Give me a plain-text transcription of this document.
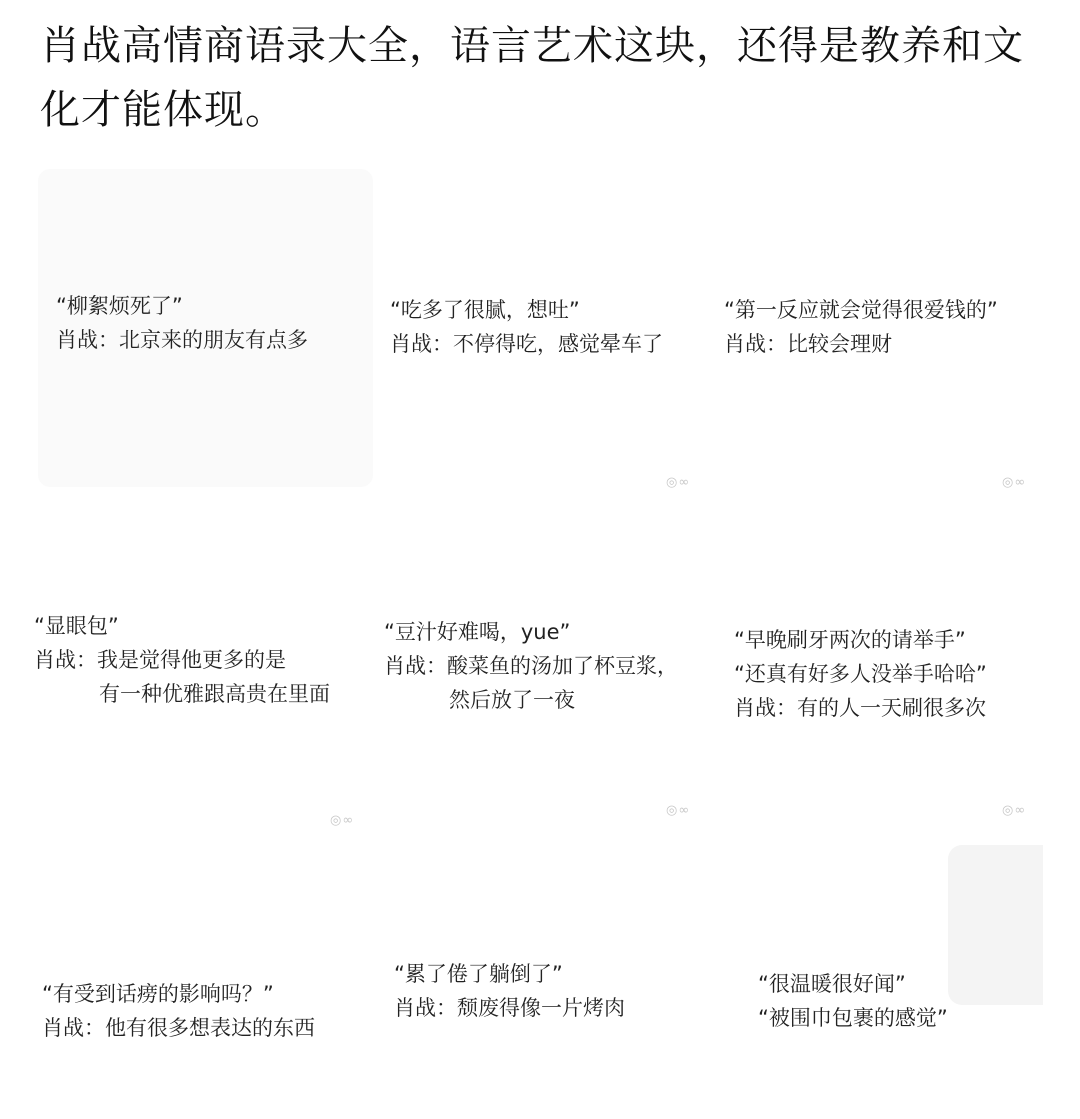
肖战高情商语录大全，语言艺术这块，还得是教养和文化才能体现。
“柳絮烦死了”
肖战：北京来的朋友有点多
“吃多了很腻，想吐”
肖战：不停得吃，感觉晕车了
◎∞
“第一反应就会觉得很爱钱的”
肖战：比较会理财
◎∞
“显眼包”
肖战：我是觉得他更多的是
有一种优雅跟高贵在里面
◎∞
“豆汁好难喝，yue”
肖战：酸菜鱼的汤加了杯豆浆，
然后放了一夜
◎∞
“早晚刷牙两次的请举手”
“还真有好多人没举手哈哈”
肖战：有的人一天刷很多次
◎∞
“有受到话痨的影响吗？”
肖战：他有很多想表达的东西
“累了倦了躺倒了”
肖战：颓废得像一片烤肉
“很温暖很好闻”
“被围巾包裹的感觉”
